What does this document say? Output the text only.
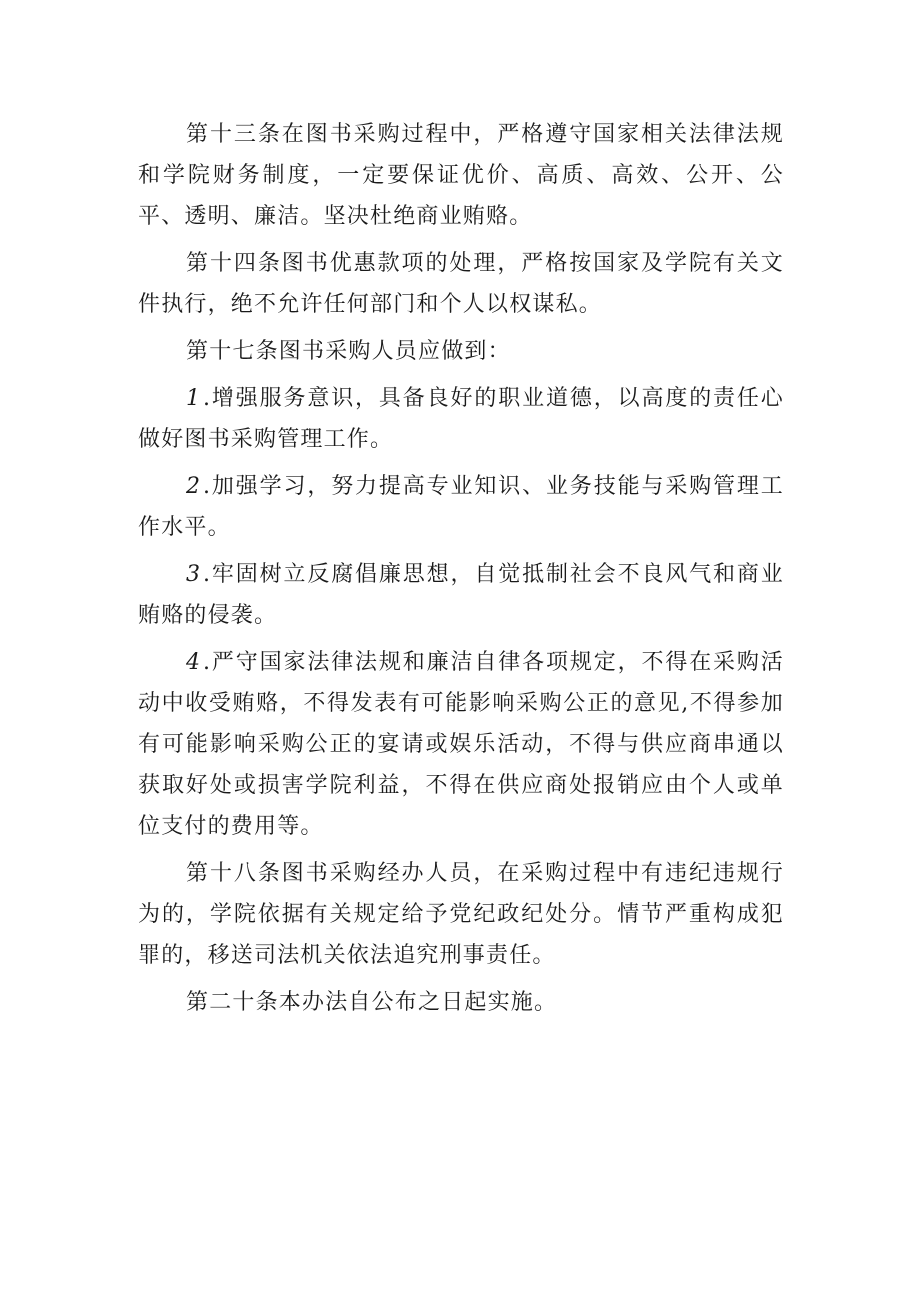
第十三条在图书采购过程中，严格遵守国家相关法律法规和学院财务制度，一定要保证优价、高质、高效、公开、公平、透明、廉洁。坚决杜绝商业贿赂。

第十四条图书优惠款项的处理，严格按国家及学院有关文件执行，绝不允许任何部门和个人以权谋私。

第十七条图书采购人员应做到：

1.增强服务意识，具备良好的职业道德，以高度的责任心做好图书采购管理工作。

2.加强学习，努力提高专业知识、业务技能与采购管理工作水平。

3.牢固树立反腐倡廉思想，自觉抵制社会不良风气和商业贿赂的侵袭。

4.严守国家法律法规和廉洁自律各项规定，不得在采购活动中收受贿赂，不得发表有可能影响采购公正的意见,不得参加有可能影响采购公正的宴请或娱乐活动，不得与供应商串通以获取好处或损害学院利益，不得在供应商处报销应由个人或单位支付的费用等。

第十八条图书采购经办人员，在采购过程中有违纪违规行为的，学院依据有关规定给予党纪政纪处分。情节严重构成犯罪的，移送司法机关依法追究刑事责任。

第二十条本办法自公布之日起实施。
